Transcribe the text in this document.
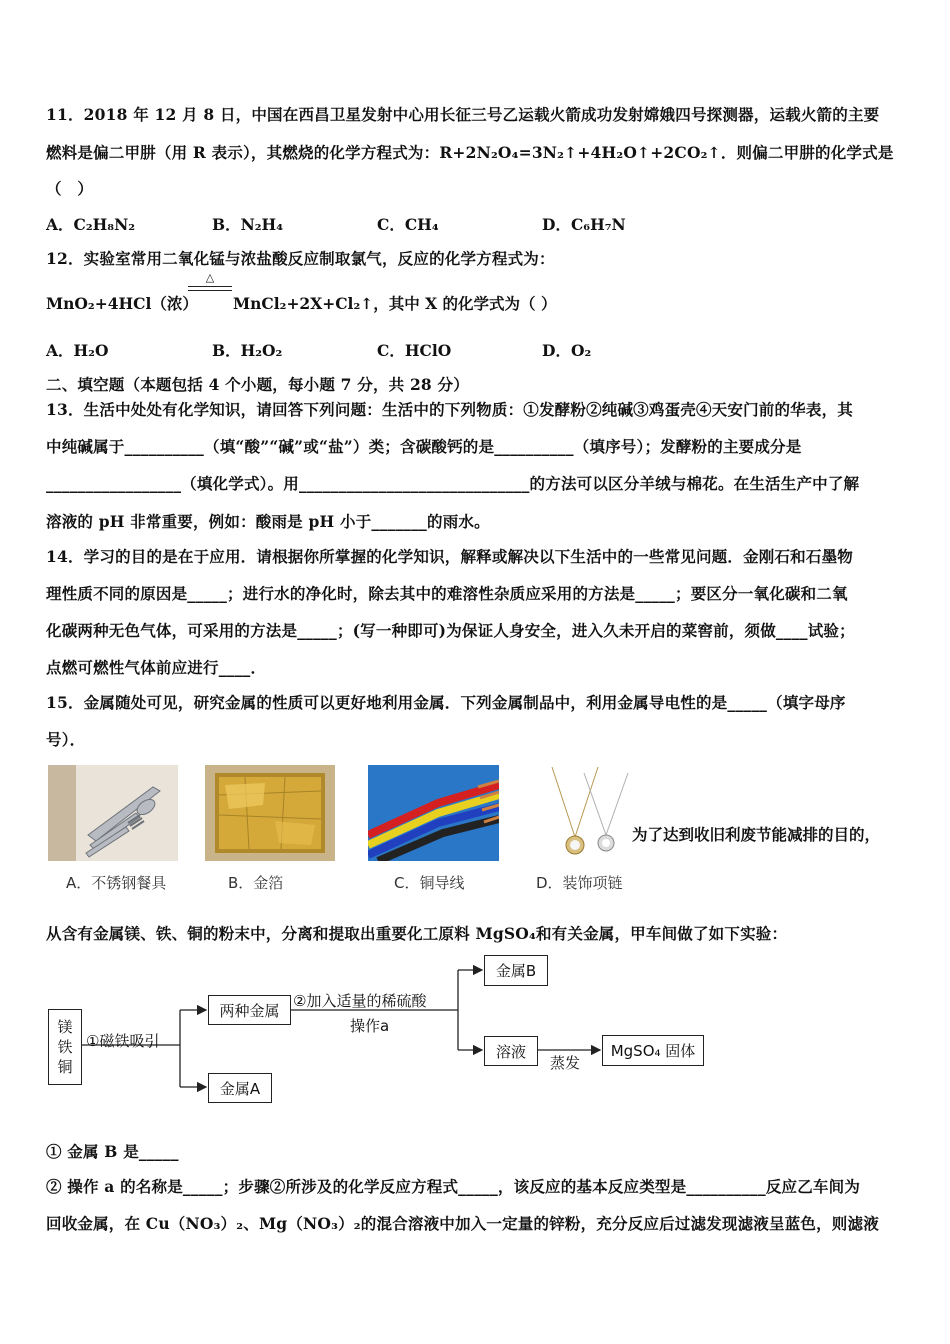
11．2018 年 12 月 8 日，中国在西昌卫星发射中心用长征三号乙运载火箭成功发射嫦娥四号探测器，运载火箭的主要
燃料是偏二甲肼（用 R 表示），其燃烧的化学方程式为：R+2N₂O₄=3N₂↑+4H₂O↑+2CO₂↑．则偏二甲肼的化学式是
（　）
A．C₂H₈N₂	B．N₂H₄	C．CH₄	D．C₆H₇N
12．实验室常用二氧化锰与浓盐酸反应制取氯气，反应的化学方程式为：
MnO₂+4HCl（浓）
△
MnCl₂+2X+Cl₂↑，其中 X 的化学式为（ ）
A．H₂O	B．H₂O₂	C．HClO	D．O₂
二、填空题（本题包括 4 个小题，每小题 7 分，共 28 分）
13．生活中处处有化学知识，请回答下列问题：生活中的下列物质：①发酵粉②纯碱③鸡蛋壳④天安门前的华表，其
中纯碱属于__________（填“酸”“碱”或“盐”）类；含碳酸钙的是__________（填序号）；发酵粉的主要成分是
_________________（填化学式）。用_____________________________的方法可以区分羊绒与棉花。在生活生产中了解
溶液的 pH 非常重要，例如：酸雨是 pH 小于_______的雨水。
14．学习的目的是在于应用．请根据你所掌握的化学知识，解释或解决以下生活中的一些常见问题．金刚石和石墨物
理性质不同的原因是_____；进行水的净化时，除去其中的难溶性杂质应采用的方法是_____；要区分一氧化碳和二氧
化碳两种无色气体，可采用的方法是_____；(写一种即可)为保证人身安全，进入久未开启的菜窖前，须做____试验；
点燃可燃性气体前应进行____．
15．金属随处可见，研究金属的性质可以更好地利用金属．下列金属制品中，利用金属导电性的是_____（填字母序
号）．
A．不锈钢餐具	B．金箔	C．铜导线	D．装饰项链
为了达到收旧利废节能减排的目的，
从含有金属镁、铁、铜的粉末中，分离和提取出重要化工原料 MgSO₄和有关金属，甲车间做了如下实验：
镁铁铜
①磁铁吸引
两种金属
金属A
②加入适量的稀硫酸
操作a
金属B
溶液
蒸发
MgSO₄ 固体
① 金属 B 是_____
② 操作 a 的名称是_____；步骤②所涉及的化学反应方程式_____，该反应的基本反应类型是__________反应乙车间为
回收金属，在 Cu（NO₃）₂、Mg（NO₃）₂的混合溶液中加入一定量的锌粉，充分反应后过滤发现滤液呈蓝色，则滤液
